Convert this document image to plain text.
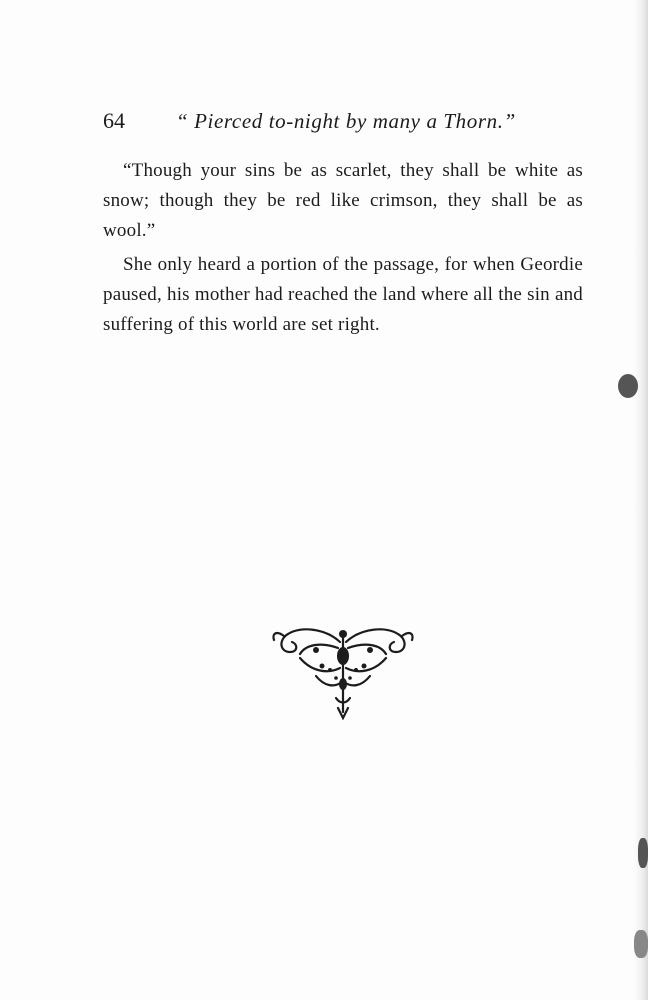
64 “ Pierced to-night by many a Thorn.”

“Though your sins be as scarlet, they shall be white as snow; though they be red like crimson, they shall be as wool.”

She only heard a portion of the passage, for when Geordie paused, his mother had reached the land where all the sin and suffering of this world are set right.
